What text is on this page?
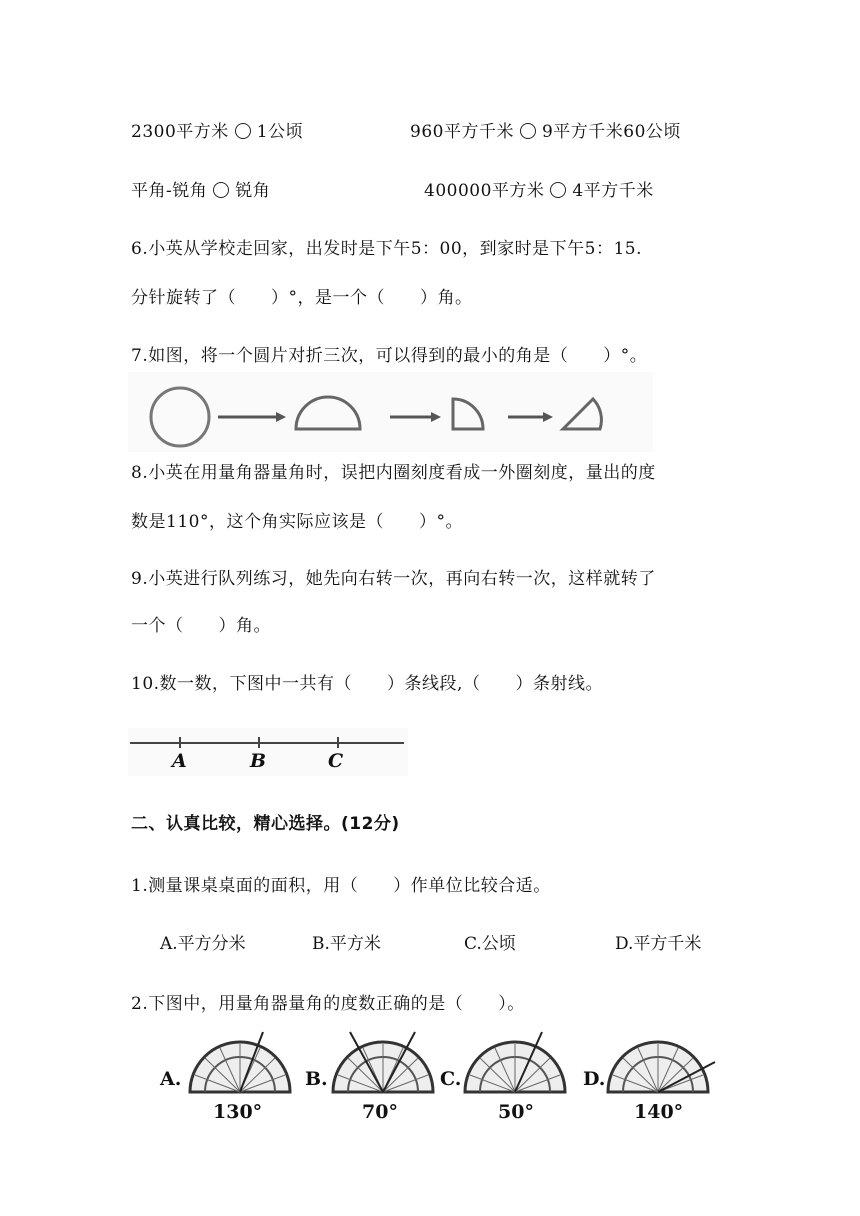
2300平方米 1公顷	960平方千米 9平方千米60公顷
平角-锐角 锐角	400000平方米 4平方千米
6.小英从学校走回家，出发时是下午5：00，到家时是下午5：15.
分针旋转了（　　）°，是一个（　　）角。
7.如图，将一个圆片对折三次，可以得到的最小的角是（　　）°。
8.小英在用量角器量角时，误把内圈刻度看成一外圈刻度，量出的度
数是110°，这个角实际应该是（　　）°。
9.小英进行队列练习，她先向右转一次，再向右转一次，这样就转了
一个（　　）角。
10.数一数，下图中一共有（　　）条线段,（　　）条射线。
A	B	C
二、认真比较，精心选择。(12分)
1.测量课桌桌面的面积，用（　　）作单位比较合适。
A.平方分米	B.平方米	C.公顷	D.平方千米
2.下图中，用量角器量角的度数正确的是（　　）。
A.	B.	C.	D.
130°	70°	50°	140°
